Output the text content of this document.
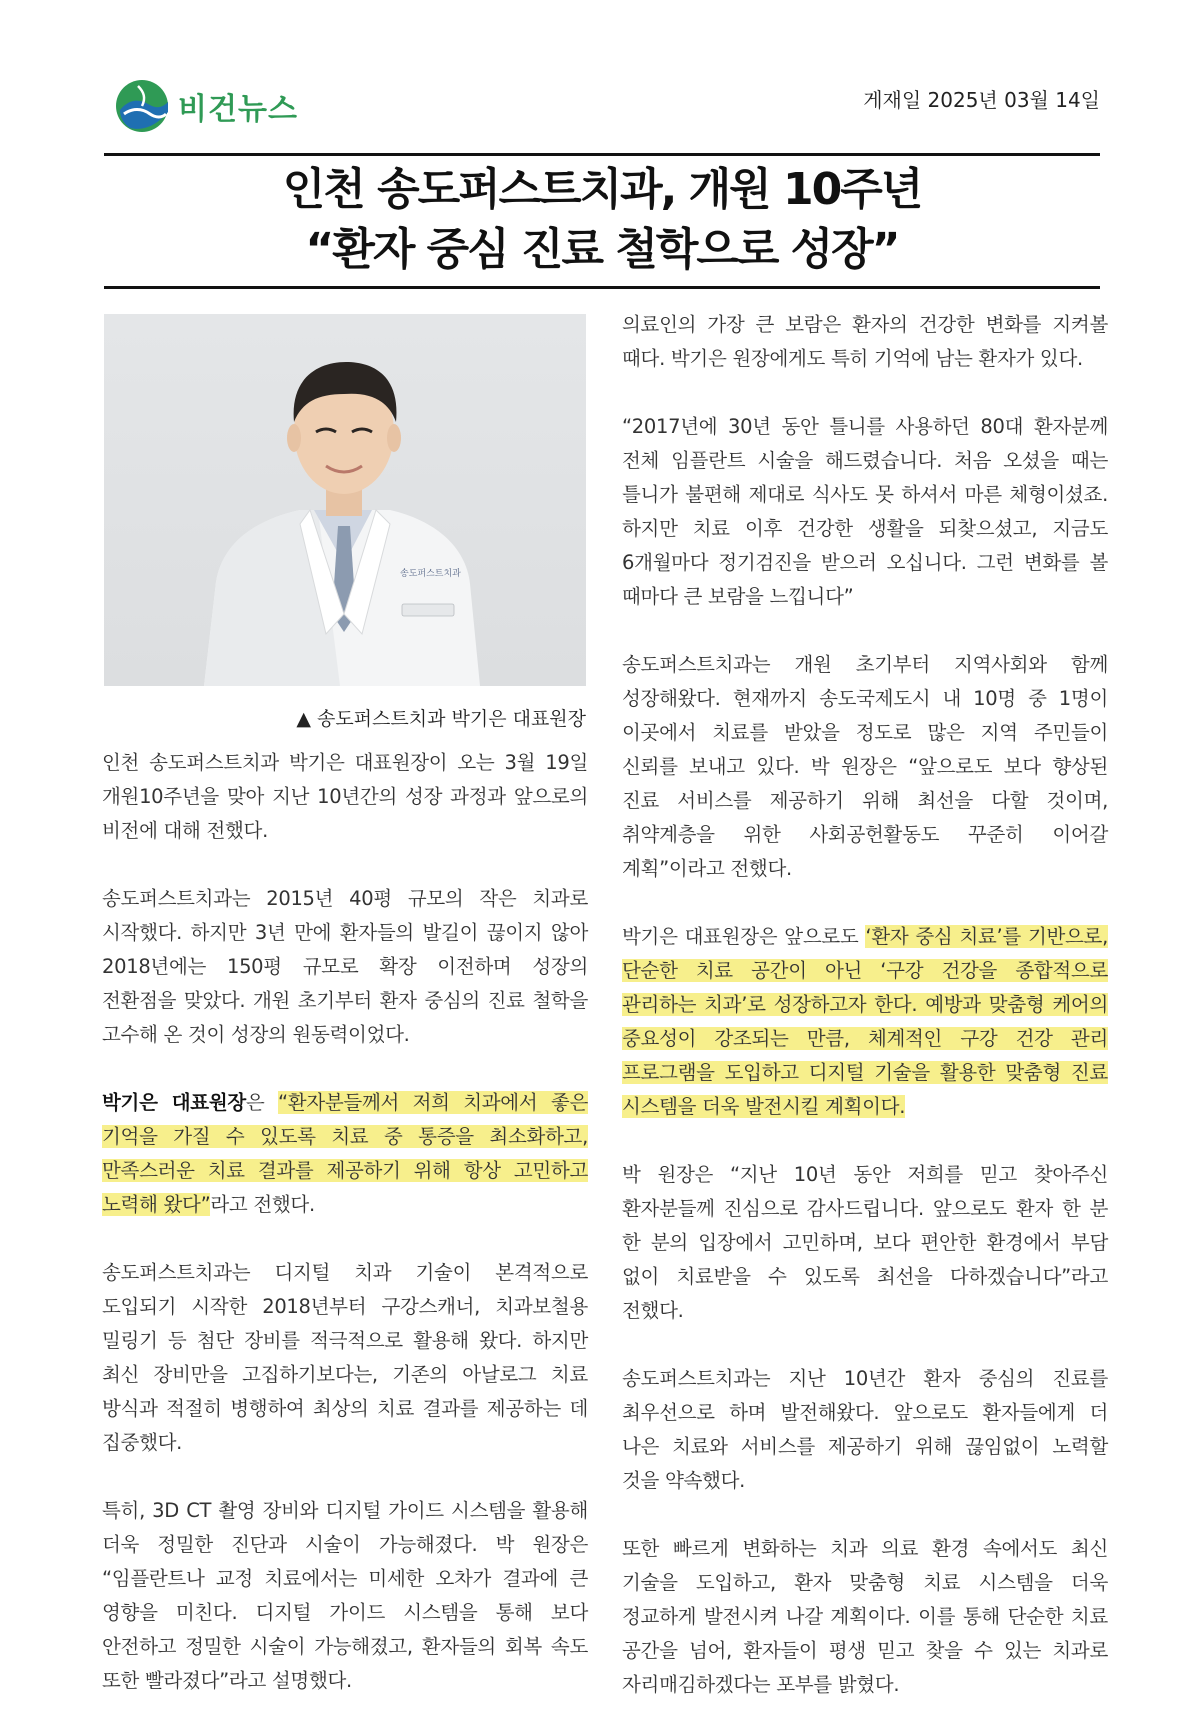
비건뉴스	게재일 2025년 03월 14일
인천 송도퍼스트치과, 개원 10주년
“환자 중심 진료 철학으로 성장”
송도퍼스트치과
▲ 송도퍼스트치과 박기은 대표원장

인천 송도퍼스트치과 박기은 대표원장이 오는 3월 19일 개원10주년을 맞아 지난 10년간의 성장 과정과 앞으로의 비전에 대해 전했다.

송도퍼스트치과는 2015년 40평 규모의 작은 치과로 시작했다. 하지만 3년 만에 환자들의 발길이 끊이지 않아 2018년에는 150평 규모로 확장 이전하며 성장의 전환점을 맞았다. 개원 초기부터 환자 중심의 진료 철학을 고수해 온 것이 성장의 원동력이었다.

박기은 대표원장은 “환자분들께서 저희 치과에서 좋은 기억을 가질 수 있도록 치료 중 통증을 최소화하고, 만족스러운 치료 결과를 제공하기 위해 항상 고민하고 노력해 왔다”라고 전했다.

송도퍼스트치과는 디지털 치과 기술이 본격적으로 도입되기 시작한 2018년부터 구강스캐너, 치과보철용 밀링기 등 첨단 장비를 적극적으로 활용해 왔다. 하지만 최신 장비만을 고집하기보다는, 기존의 아날로그 치료 방식과 적절히 병행하여 최상의 치료 결과를 제공하는 데 집중했다.

특히, 3D CT 촬영 장비와 디지털 가이드 시스템을 활용해 더욱 정밀한 진단과 시술이 가능해졌다. 박 원장은 “임플란트나 교정 치료에서는 미세한 오차가 결과에 큰 영향을 미친다. 디지털 가이드 시스템을 통해 보다 안전하고 정밀한 시술이 가능해졌고, 환자들의 회복 속도 또한 빨라졌다”라고 설명했다.

의료인의 가장 큰 보람은 환자의 건강한 변화를 지켜볼 때다. 박기은 원장에게도 특히 기억에 남는 환자가 있다.

“2017년에 30년 동안 틀니를 사용하던 80대 환자분께 전체 임플란트 시술을 해드렸습니다. 처음 오셨을 때는 틀니가 불편해 제대로 식사도 못 하셔서 마른 체형이셨죠. 하지만 치료 이후 건강한 생활을 되찾으셨고, 지금도 6개월마다 정기검진을 받으러 오십니다. 그런 변화를 볼 때마다 큰 보람을 느낍니다”

송도퍼스트치과는 개원 초기부터 지역사회와 함께 성장해왔다. 현재까지 송도국제도시 내 10명 중 1명이 이곳에서 치료를 받았을 정도로 많은 지역 주민들이 신뢰를 보내고 있다. 박 원장은 “앞으로도 보다 향상된 진료 서비스를 제공하기 위해 최선을 다할 것이며, 취약계층을 위한 사회공헌활동도 꾸준히 이어갈 계획”이라고 전했다.

박기은 대표원장은 앞으로도 ‘환자 중심 치료’를 기반으로, 단순한 치료 공간이 아닌 ‘구강 건강을 종합적으로 관리하는 치과’로 성장하고자 한다. 예방과 맞춤형 케어의 중요성이 강조되는 만큼, 체계적인 구강 건강 관리 프로그램을 도입하고 디지털 기술을 활용한 맞춤형 진료 시스템을 더욱 발전시킬 계획이다.

박 원장은 “지난 10년 동안 저희를 믿고 찾아주신 환자분들께 진심으로 감사드립니다. 앞으로도 환자 한 분 한 분의 입장에서 고민하며, 보다 편안한 환경에서 부담 없이 치료받을 수 있도록 최선을 다하겠습니다”라고 전했다.

송도퍼스트치과는 지난 10년간 환자 중심의 진료를 최우선으로 하며 발전해왔다. 앞으로도 환자들에게 더 나은 치료와 서비스를 제공하기 위해 끊임없이 노력할 것을 약속했다.

또한 빠르게 변화하는 치과 의료 환경 속에서도 최신 기술을 도입하고, 환자 맞춤형 치료 시스템을 더욱 정교하게 발전시켜 나갈 계획이다. 이를 통해 단순한 치료 공간을 넘어, 환자들이 평생 믿고 찾을 수 있는 치과로 자리매김하겠다는 포부를 밝혔다.
